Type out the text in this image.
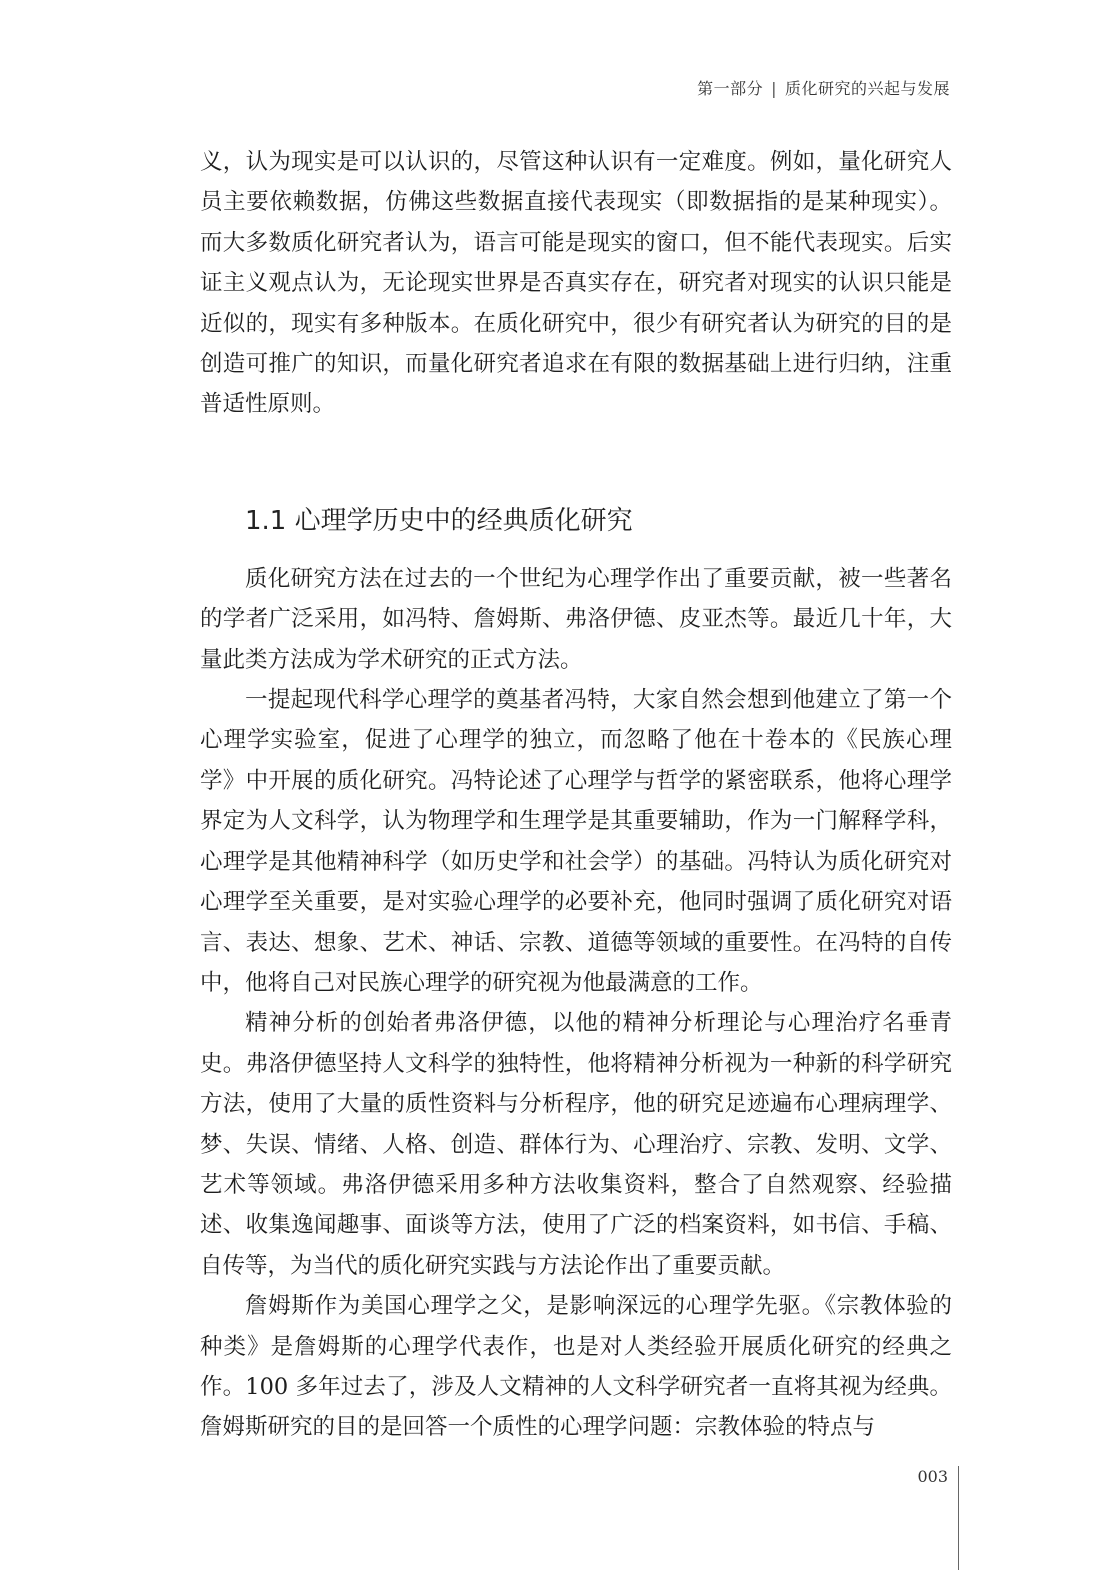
第一部分 | 质化研究的兴起与发展

义，认为现实是可以认识的，尽管这种认识有一定难度。例如，量化研究人员主要依赖数据，仿佛这些数据直接代表现实（即数据指的是某种现实）。而大多数质化研究者认为，语言可能是现实的窗口，但不能代表现实。后实证主义观点认为，无论现实世界是否真实存在，研究者对现实的认识只能是近似的，现实有多种版本。在质化研究中，很少有研究者认为研究的目的是创造可推广的知识，而量化研究者追求在有限的数据基础上进行归纳，注重普适性原则。

1.1 心理学历史中的经典质化研究

质化研究方法在过去的一个世纪为心理学作出了重要贡献，被一些著名的学者广泛采用，如冯特、詹姆斯、弗洛伊德、皮亚杰等。最近几十年，大量此类方法成为学术研究的正式方法。

一提起现代科学心理学的奠基者冯特，大家自然会想到他建立了第一个心理学实验室，促进了心理学的独立，而忽略了他在十卷本的《民族心理学》中开展的质化研究。冯特论述了心理学与哲学的紧密联系，他将心理学界定为人文科学，认为物理学和生理学是其重要辅助，作为一门解释学科，心理学是其他精神科学（如历史学和社会学）的基础。冯特认为质化研究对心理学至关重要，是对实验心理学的必要补充，他同时强调了质化研究对语言、表达、想象、艺术、神话、宗教、道德等领域的重要性。在冯特的自传中，他将自己对民族心理学的研究视为他最满意的工作。

精神分析的创始者弗洛伊德，以他的精神分析理论与心理治疗名垂青史。弗洛伊德坚持人文科学的独特性，他将精神分析视为一种新的科学研究方法，使用了大量的质性资料与分析程序，他的研究足迹遍布心理病理学、梦、失误、情绪、人格、创造、群体行为、心理治疗、宗教、发明、文学、艺术等领域。弗洛伊德采用多种方法收集资料，整合了自然观察、经验描述、收集逸闻趣事、面谈等方法，使用了广泛的档案资料，如书信、手稿、自传等，为当代的质化研究实践与方法论作出了重要贡献。

詹姆斯作为美国心理学之父，是影响深远的心理学先驱。《宗教体验的种类》是詹姆斯的心理学代表作，也是对人类经验开展质化研究的经典之作。100 多年过去了，涉及人文精神的人文科学研究者一直将其视为经典。詹姆斯研究的目的是回答一个质性的心理学问题：宗教体验的特点与

003
